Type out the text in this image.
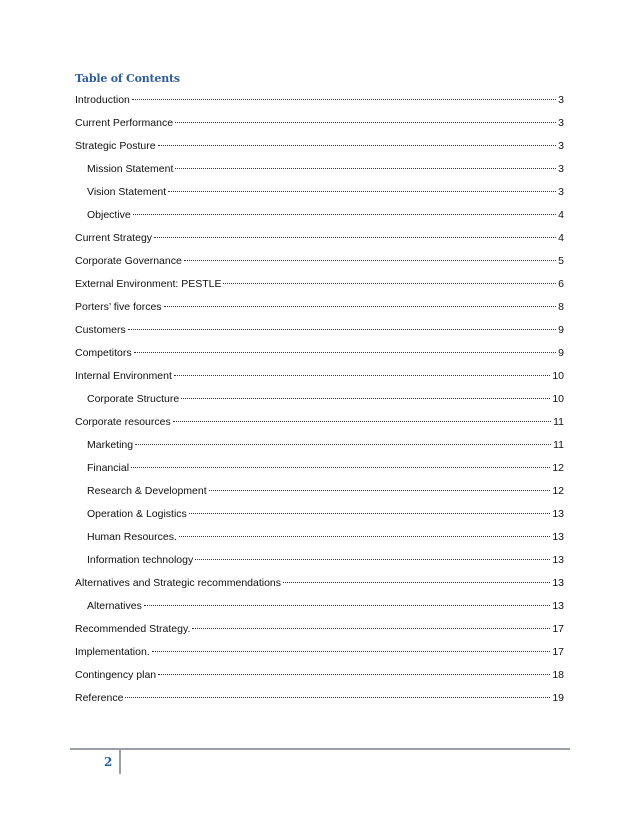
Table of Contents
Introduction	3
Current Performance	3
Strategic Posture	3
Mission Statement	3
Vision Statement	3
Objective	4
Current Strategy	4
Corporate Governance	5
External Environment: PESTLE	6
Porters’ five forces	8
Customers	9
Competitors	9
Internal Environment	10
Corporate Structure	10
Corporate resources	11
Marketing	11
Financial	12
Research & Development	12
Operation & Logistics	13
Human Resources.	13
Information technology	13
Alternatives and Strategic recommendations	13
Alternatives	13
Recommended Strategy.	17
Implementation.	17
Contingency plan	18
Reference	19
2
